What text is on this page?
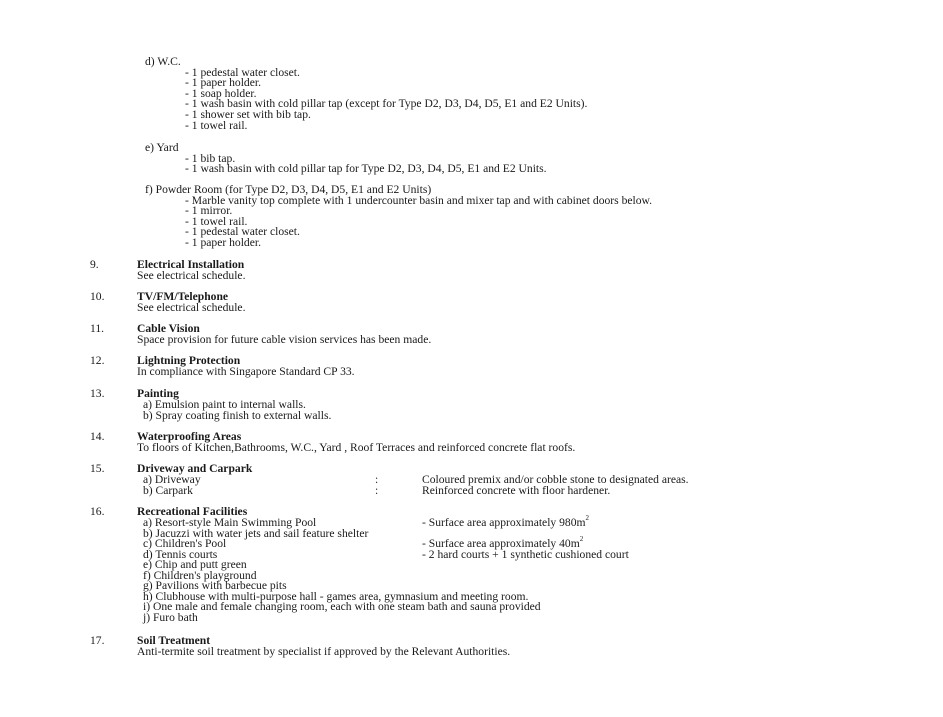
d) W.C.
- 1 pedestal water closet.
- 1 paper holder.
- 1 soap holder.
- 1 wash basin with cold pillar tap (except for Type D2, D3, D4, D5, E1 and E2 Units).
- 1 shower set with bib tap.
- 1 towel rail.
e) Yard
- 1 bib tap.
- 1 wash basin with cold pillar tap for Type D2, D3, D4, D5, E1 and E2 Units.
f) Powder Room (for Type D2, D3, D4, D5, E1 and E2 Units)
- Marble vanity top complete with 1 undercounter basin and mixer tap and with cabinet doors below.
- 1 mirror.
- 1 towel rail.
- 1 pedestal water closet.
- 1 paper holder.
9.	Electrical Installation
See electrical schedule.
10.	TV/FM/Telephone
See electrical schedule.
11.	Cable Vision
Space provision for future cable vision services has been made.
12.	Lightning Protection
In compliance with Singapore Standard CP 33.
13.	Painting
a) Emulsion paint to internal walls.
b) Spray coating finish to external walls.
14.	Waterproofing Areas
To floors of Kitchen,Bathrooms, W.C., Yard , Roof Terraces and reinforced concrete flat roofs.
15.	Driveway and Carpark
a) Driveway	:	Coloured premix and/or cobble stone to designated areas.
b) Carpark	:	Reinforced concrete with floor hardener.
16.	Recreational Facilities
a) Resort-style Main Swimming Pool	- Surface area approximately $980m^2$
b) Jacuzzi with water jets and sail feature shelter
c) Children's Pool	- Surface area approximately $40m^2$
d) Tennis courts	- 2 hard courts + 1 synthetic cushioned court
e) Chip and putt green
f) Children's playground
g) Pavilions with barbecue pits
h) Clubhouse with multi-purpose hall - games area, gymnasium and meeting room.
i) One male and female changing room, each with one steam bath and sauna provided
j) Furo bath
17.	Soil Treatment
Anti-termite soil treatment by specialist if approved by the Relevant Authorities.
